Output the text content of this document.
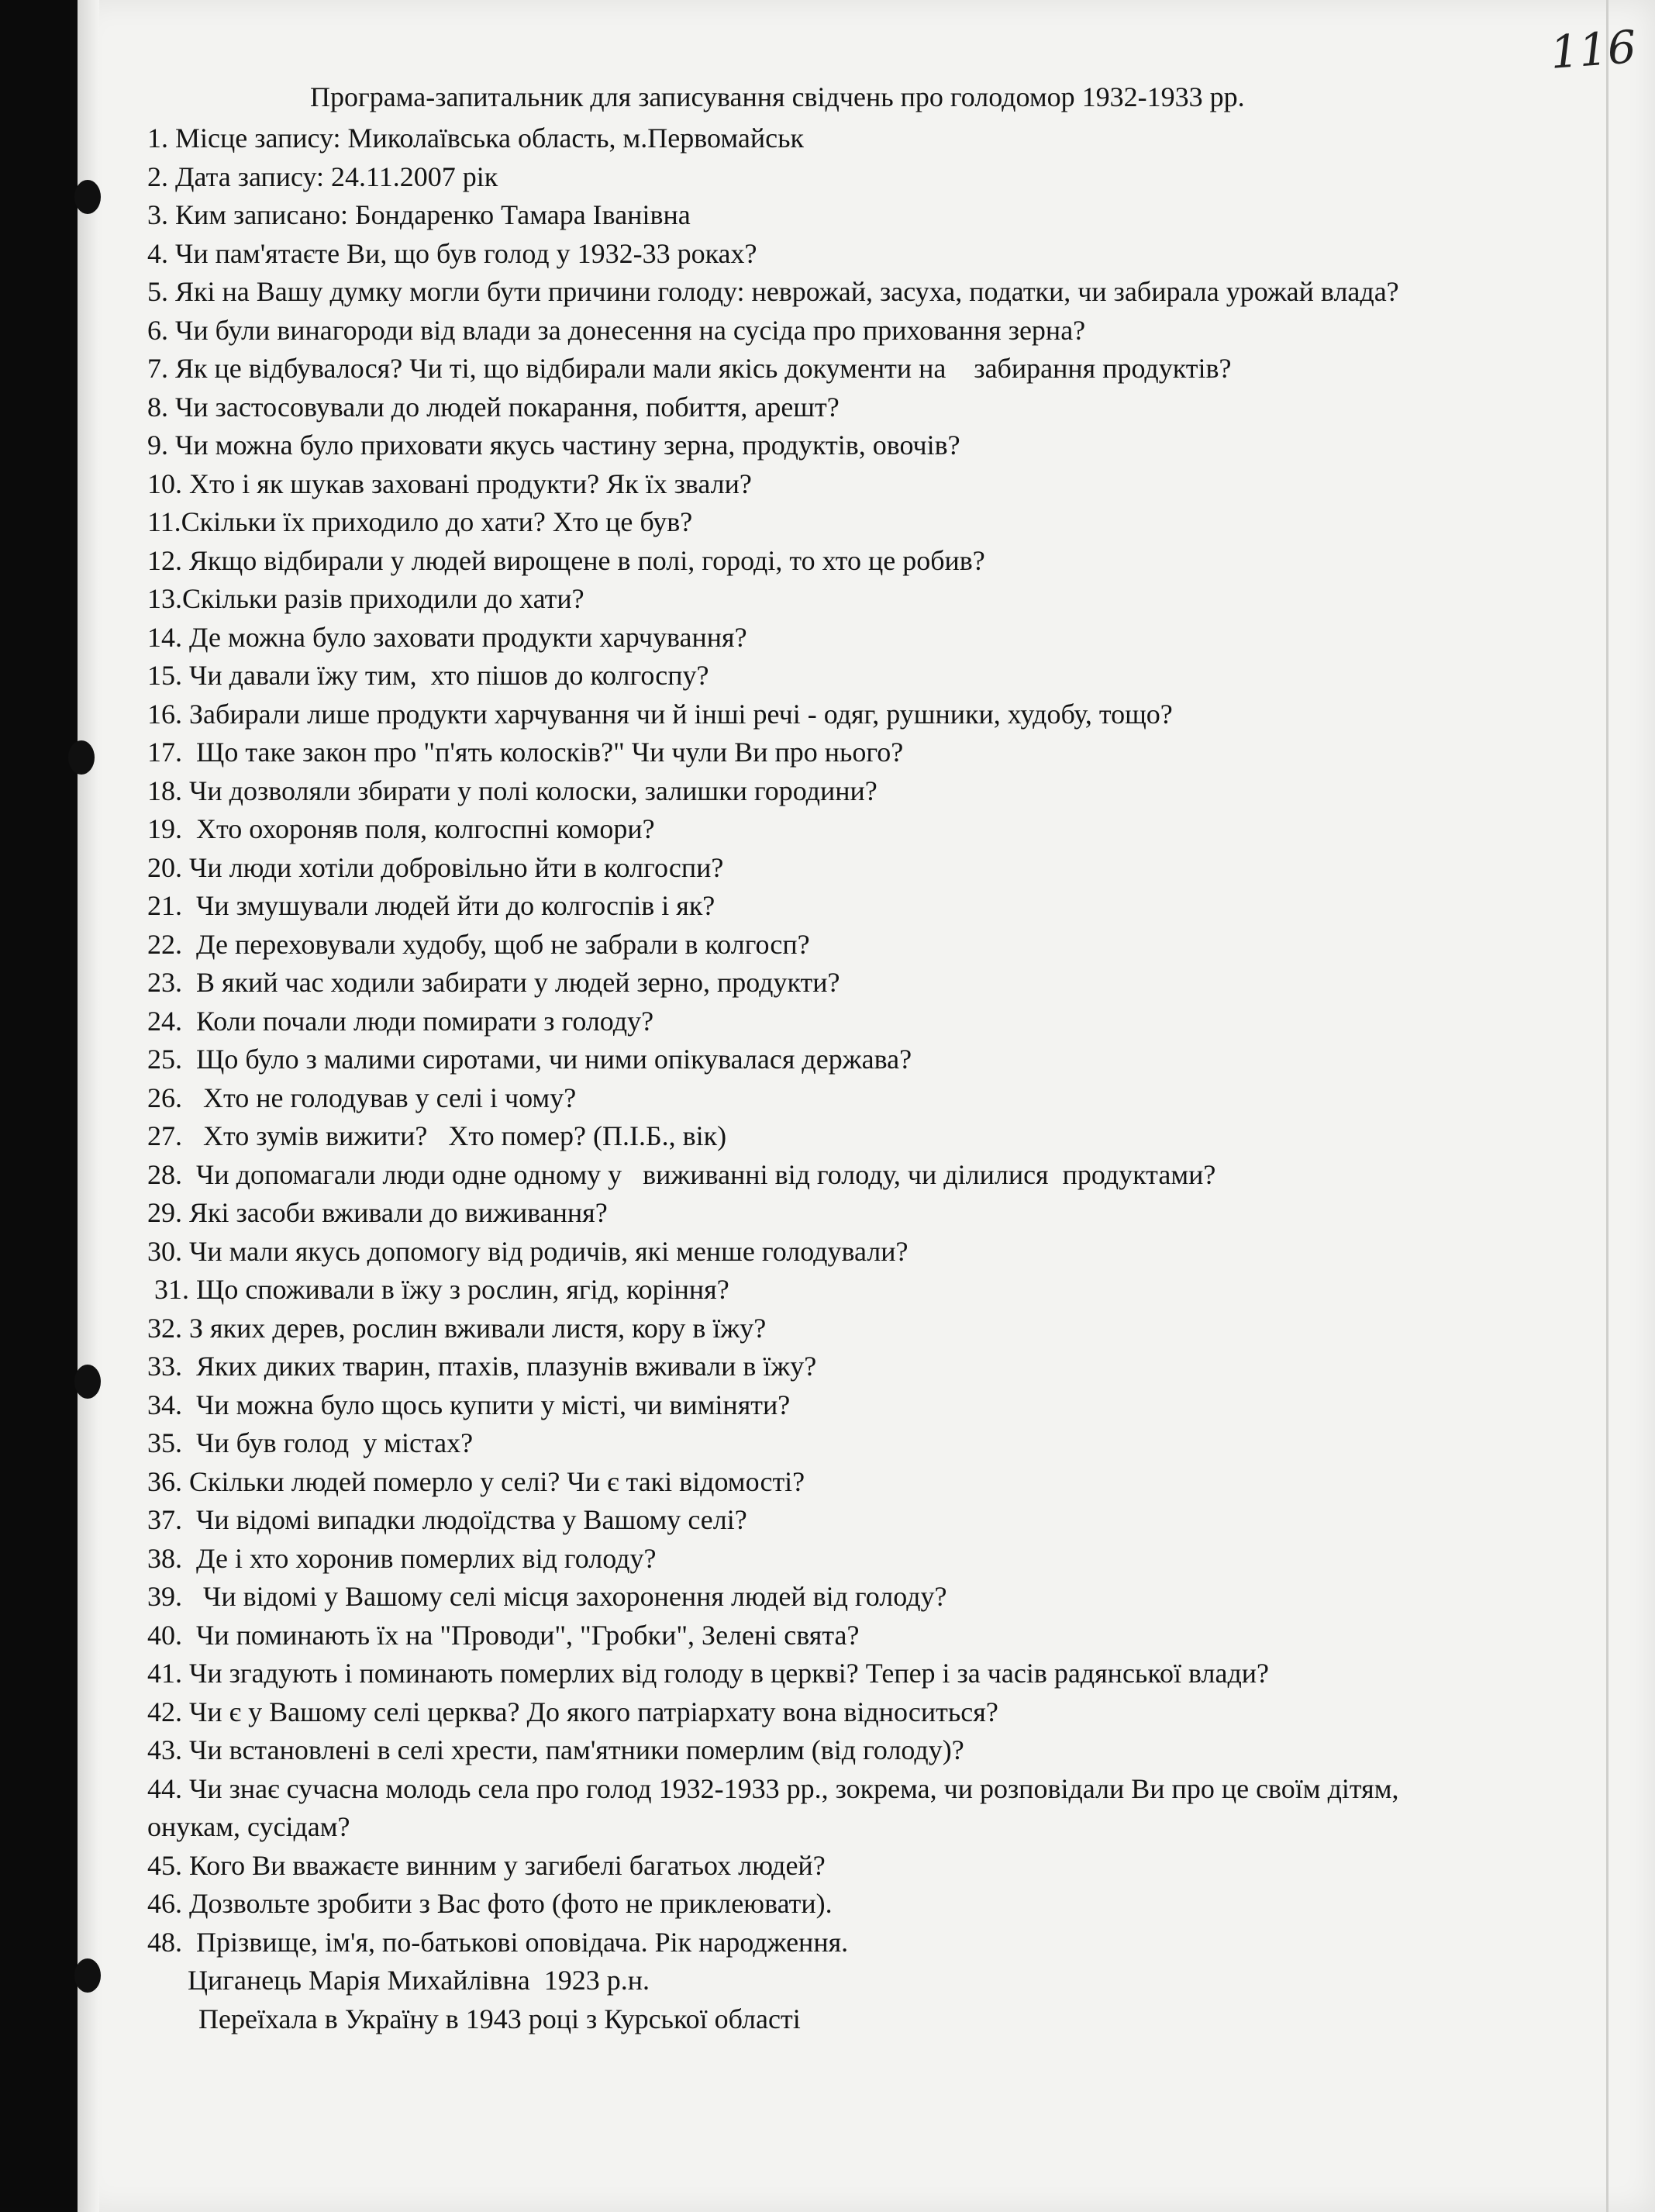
116
Програма-запитальник для записування свідчень про голодомор 1932-1933 рр.
1. Місце запису: Миколаївська область, м.Первомайськ
2. Дата запису: 24.11.2007 рік
3. Ким записано: Бондаренко Тамара Іванівна
4. Чи пам'ятаєте Ви, що був голод у 1932-33 роках?
5. Які на Вашу думку могли бути причини голоду: неврожай, засуха, податки, чи забирала урожай влада?
6. Чи були винагороди від влади за донесення на сусіда про приховання зерна?
7. Як це відбувалося? Чи ті, що відбирали мали якісь документи на    забирання продуктів?
8. Чи застосовували до людей покарання, побиття, арешт?
9. Чи можна було приховати якусь частину зерна, продуктів, овочів?
10. Хто і як шукав заховані продукти? Як їх звали?
11.Скільки їх приходило до хати? Хто це був?
12. Якщо відбирали у людей вирощене в полі, городі, то хто це робив?
13.Скільки разів приходили до хати?
14. Де можна було заховати продукти харчування?
15. Чи давали їжу тим,  хто пішов до колгоспу?
16. Забирали лише продукти харчування чи й інші речі - одяг, рушники, худобу, тощо?
17.  Що таке закон про "п'ять колосків?" Чи чули Ви про нього?
18. Чи дозволяли збирати у полі колоски, залишки городини?
19.  Хто охороняв поля, колгоспні комори?
20. Чи люди хотіли добровільно йти в колгоспи?
21.  Чи змушували людей йти до колгоспів і як?
22.  Де переховували худобу, щоб не забрали в колгосп?
23.  В який час ходили забирати у людей зерно, продукти?
24.  Коли почали люди помирати з голоду?
25.  Що було з малими сиротами, чи ними опікувалася держава?
26.   Хто не голодував у селі і чому?
27.   Хто зумів вижити?   Хто помер? (П.І.Б., вік)
28.  Чи допомагали люди одне одному у   виживанні від голоду, чи ділилися  продуктами?
29. Які засоби вживали до виживання?
30. Чи мали якусь допомогу від родичів, які менше голодували?
31. Що споживали в їжу з рослин, ягід, коріння?
32. З яких дерев, рослин вживали листя, кору в їжу?
33.  Яких диких тварин, птахів, плазунів вживали в їжу?
34.  Чи можна було щось купити у місті, чи виміняти?
35.  Чи був голод  у містах?
36. Скільки людей померло у селі? Чи є такі відомості?
37.  Чи відомі випадки людоїдства у Вашому селі?
38.  Де і хто хоронив померлих від голоду?
39.   Чи відомі у Вашому селі місця захоронення людей від голоду?
40.  Чи поминають їх на "Проводи", "Гробки", Зелені свята?
41. Чи згадують і поминають померлих від голоду в церкві? Тепер і за часів радянської влади?
42. Чи є у Вашому селі церква? До якого патріархату вона відноситься?
43. Чи встановлені в селі хрести, пам'ятники померлим (від голоду)?
44. Чи знає сучасна молодь села про голод 1932-1933 рр., зокрема, чи розповідали Ви про це своїм дітям, онукам, сусідам?
45. Кого Ви вважаєте винним у загибелі багатьох людей?
46. Дозвольте зробити з Вас фото (фото не приклеювати).
48.  Прізвище, ім'я, по-батькові оповідача. Рік народження.
Циганець Марія Михайлівна  1923 р.н.
Переїхала в Україну в 1943 році з Курської області
